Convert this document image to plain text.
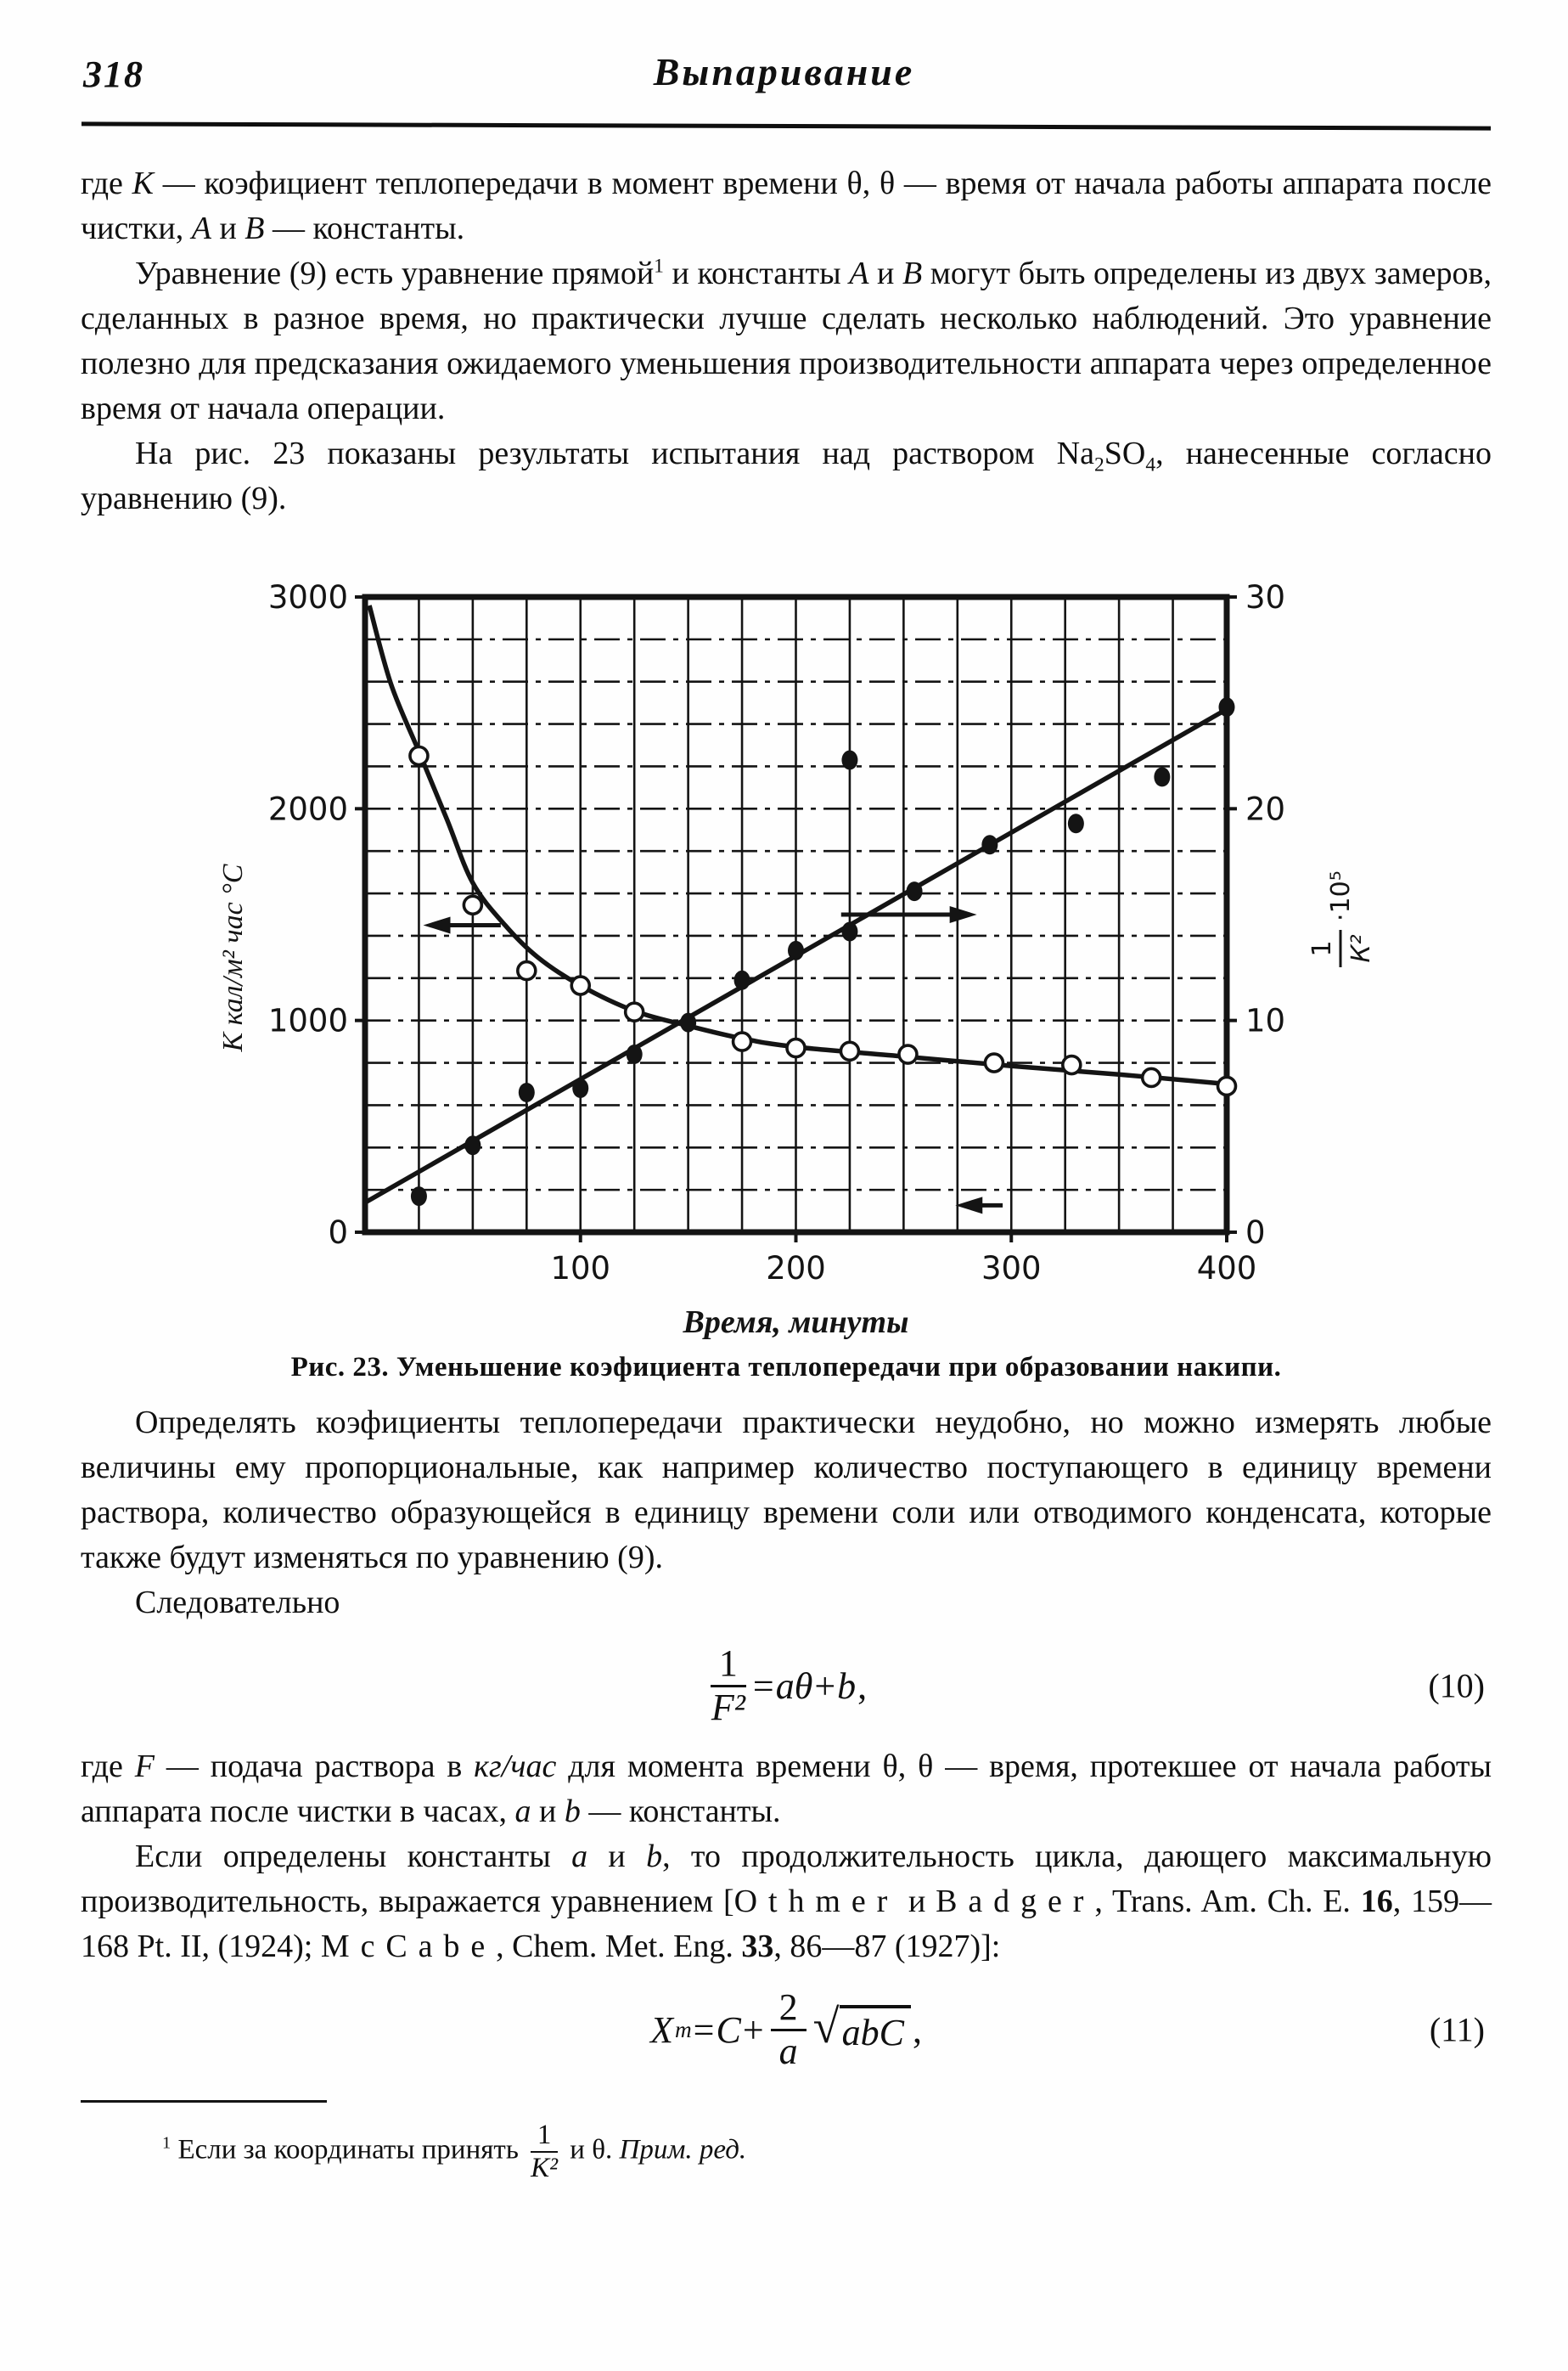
318	Выпаривание

где K — коэфициент теплопередачи в момент времени θ, θ — время от начала работы аппарата после чистки, A и B — константы.

Уравнение (9) есть уравнение прямой$^1$ и константы A и B могут быть определены из двух замеров, сделанных в разное время, но практически лучше сделать несколько наблюдений. Это уравнение полезно для предсказания ожидаемого уменьшения производительности аппарата через определенное время от начала операции.

На рис. 23 показаны результаты испытания над раствором $Na_2SO_4$, нанесенные согласно уравнению (9).

0
1000
2000
3000
0
10
20
30
100	200	300	400
К кал/м² час °С	1 К²
·10⁵
Время, минуты
Рис. 23. Уменьшение коэфициента теплопередачи при образовании накипи.

Определять коэфициенты теплопередачи практически неудобно, но можно измерять любые величины ему пропорциональные, как например количество поступающего в единицу времени раствора, количество образующейся в единицу времени соли или отводимого конденсата, которые также будут изменяться по уравнению (9).

Следовательно

$\frac{1}{\text{F²}} = a\theta + b$ ,	(10)

где F — подача раствора в кг/час для момента времени θ, θ — время, протекшее от начала работы аппарата после чистки в часах, a и b — константы.

Если определены константы a и b, то продолжительность цикла, дающего максимальную производительность, выражается уравнением [Othmer и Badger, Trans. Am. Ch. E. 16, 159—168 Pt. II, (1924); McCabe, Chem. Met. Eng. 33, 86—87 (1927)]:

X $m = C + \frac{2}{a}$ √ abC ,	(11)

$^1$ Если за координаты принять $\frac{1}{\text{K²}}$ и θ. Прим. ред.
